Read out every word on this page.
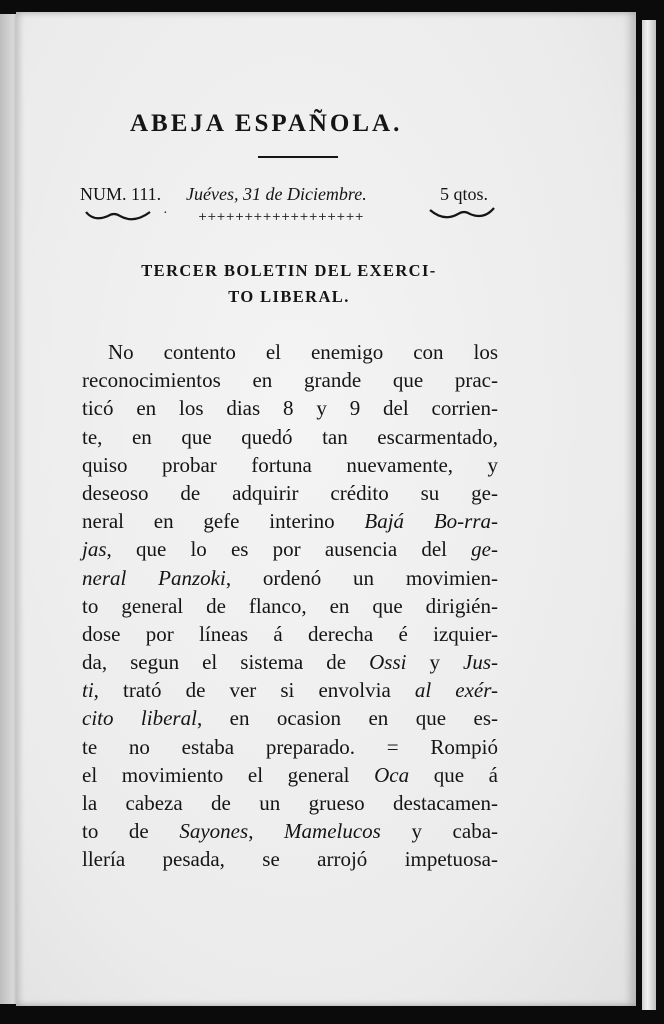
ABEJA ESPAÑOLA.
NUM. 111. Juéves, 31 de Diciembre.	5 qtos.
·	++++++++++++++++++
TERCER BOLETIN DEL EXERCI-
TO LIBERAL.
No contento el enemigo con los
reconocimientos en grande que prac-
ticó en los dias 8 y 9 del corrien-
te, en que quedó tan escarmentado,
quiso probar fortuna nuevamente, y
deseoso de adquirir crédito su ge-
neral en gefe interino Bajá Bo-rra-
jas, que lo es por ausencia del ge-
neral Panzoki, ordenó un movimien-
to general de flanco, en que dirigién-
dose por líneas á derecha é izquier-
da, segun el sistema de Ossi y Jus-
ti, trató de ver si envolvia al exér-
cito liberal, en ocasion en que es-
te no estaba preparado. = Rompió
el movimiento el general Oca que á
la cabeza de un grueso destacamen-
to de Sayones, Mamelucos y caba-
llería pesada, se arrojó impetuosa-
